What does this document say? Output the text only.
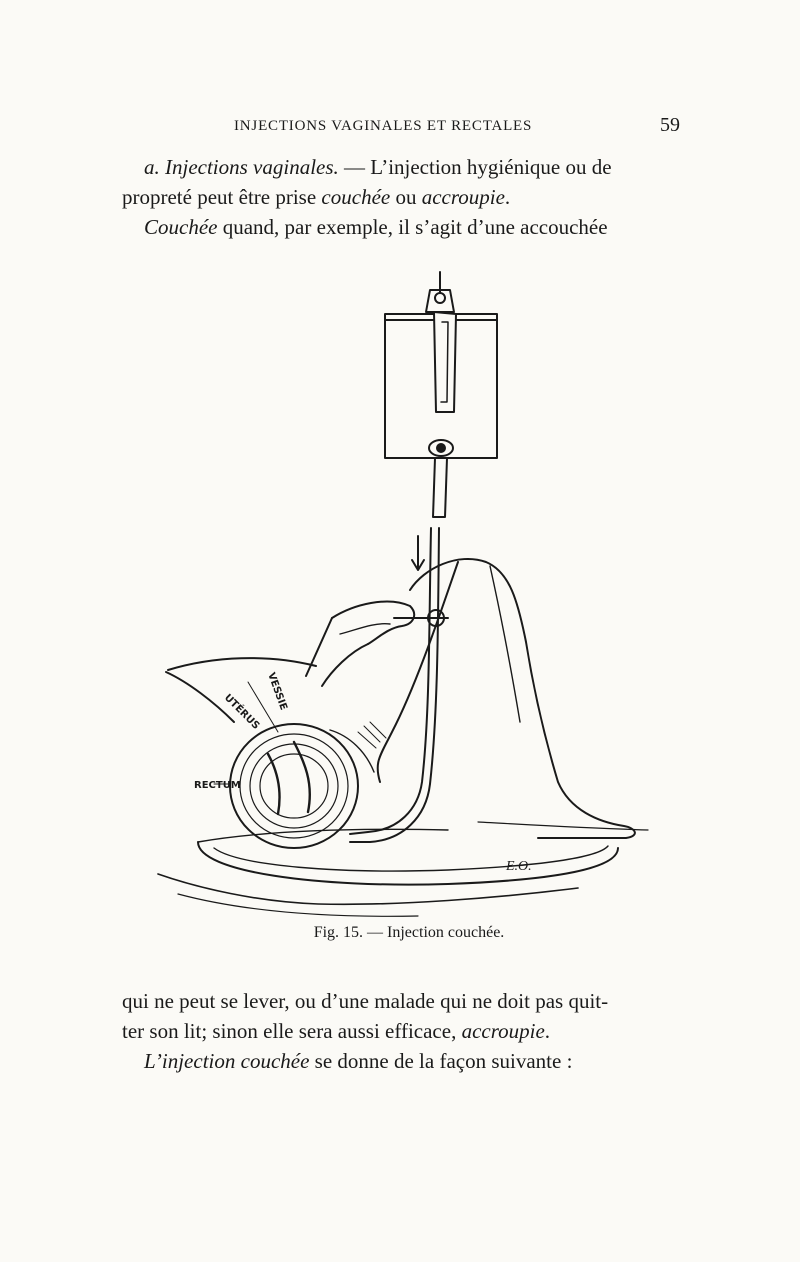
INJECTIONS VAGINALES ET RECTALES	59
a. Injections vaginales. — L’injection hygiénique ou de
propreté peut être prise couchée ou accroupie.
Couchée quand, par exemple, il s’agit d’une accouchée
VESSIE
UTÉRUS
RECTUM
E.O.
Fig. 15. — Injection couchée.
qui ne peut se lever, ou d’une malade qui ne doit pas quit-
ter son lit; sinon elle sera aussi efficace, accroupie.
L’injection couchée se donne de la façon suivante :
